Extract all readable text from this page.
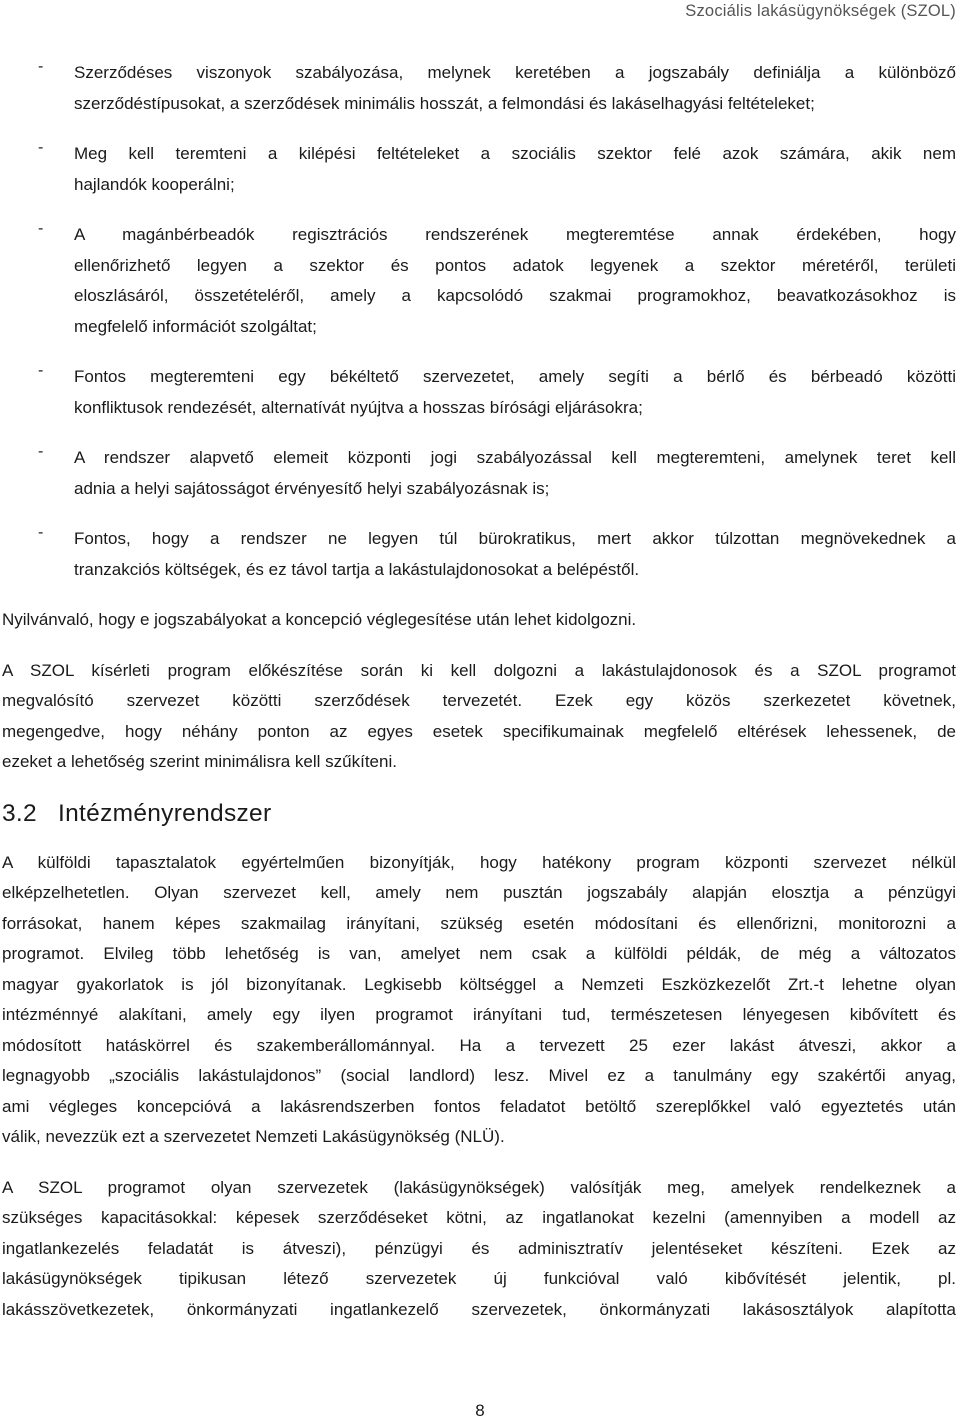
Szociális lakásügynökségek (SZOL)
- Szerződéses viszonyok szabályozása, melynek keretében a jogszabály definiálja a különböző
szerződéstípusokat, a szerződések minimális hosszát, a felmondási és lakáselhagyási feltételeket;
- Meg kell teremteni a kilépési feltételeket a szociális szektor felé azok számára, akik nem
hajlandók kooperálni;
- A magánbérbeadók regisztrációs rendszerének megteremtése annak érdekében, hogy
ellenőrizhető legyen a szektor és pontos adatok legyenek a szektor méretéről, területi
eloszlásáról, összetételéről, amely a kapcsolódó szakmai programokhoz, beavatkozásokhoz is
megfelelő információt szolgáltat;
- Fontos megteremteni egy békéltető szervezetet, amely segíti a bérlő és bérbeadó közötti
konfliktusok rendezését, alternatívát nyújtva a hosszas bírósági eljárásokra;
- A rendszer alapvető elemeit központi jogi szabályozással kell megteremteni, amelynek teret kell
adnia a helyi sajátosságot érvényesítő helyi szabályozásnak is;
- Fontos, hogy a rendszer ne legyen túl bürokratikus, mert akkor túlzottan megnövekednek a
tranzakciós költségek, és ez távol tartja a lakástulajdonosokat a belépéstől.

Nyilvánvaló, hogy e jogszabályokat a koncepció véglegesítése után lehet kidolgozni.

A SZOL kísérleti program előkészítése során ki kell dolgozni a lakástulajdonosok és a SZOL programot
megvalósító szervezet közötti szerződések tervezetét. Ezek egy közös szerkezetet követnek,
megengedve, hogy néhány ponton az egyes esetek specifikumainak megfelelő eltérések lehessenek, de
ezeket a lehetőség szerint minimálisra kell szűkíteni.

3.2 Intézményrendszer

A külföldi tapasztalatok egyértelműen bizonyítják, hogy hatékony program központi szervezet nélkül
elképzelhetetlen. Olyan szervezet kell, amely nem pusztán jogszabály alapján elosztja a pénzügyi
forrásokat, hanem képes szakmailag irányítani, szükség esetén módosítani és ellenőrizni, monitorozni a
programot. Elvileg több lehetőség is van, amelyet nem csak a külföldi példák, de még a változatos
magyar gyakorlatok is jól bizonyítanak. Legkisebb költséggel a Nemzeti Eszközkezelőt Zrt.-t lehetne olyan
intézménnyé alakítani, amely egy ilyen programot irányítani tud, természetesen lényegesen kibővített és
módosított hatáskörrel és szakemberállománnyal. Ha a tervezett 25 ezer lakást átveszi, akkor a
legnagyobb „szociális lakástulajdonos” (social landlord) lesz. Mivel ez a tanulmány egy szakértői anyag,
ami végleges koncepcióvá a lakásrendszerben fontos feladatot betöltő szereplőkkel való egyeztetés után
válik, nevezzük ezt a szervezetet Nemzeti Lakásügynökség (NLÜ).

A SZOL programot olyan szervezetek (lakásügynökségek) valósítják meg, amelyek rendelkeznek a
szükséges kapacitásokkal: képesek szerződéseket kötni, az ingatlanokat kezelni (amennyiben a modell az
ingatlankezelés feladatát is átveszi), pénzügyi és adminisztratív jelentéseket készíteni. Ezek az
lakásügynökségek tipikusan létező szervezetek új funkcióval való kibővítését jelentik, pl.
lakásszövetkezetek, önkormányzati ingatlankezelő szervezetek, önkormányzati lakásosztályok alapította

8
